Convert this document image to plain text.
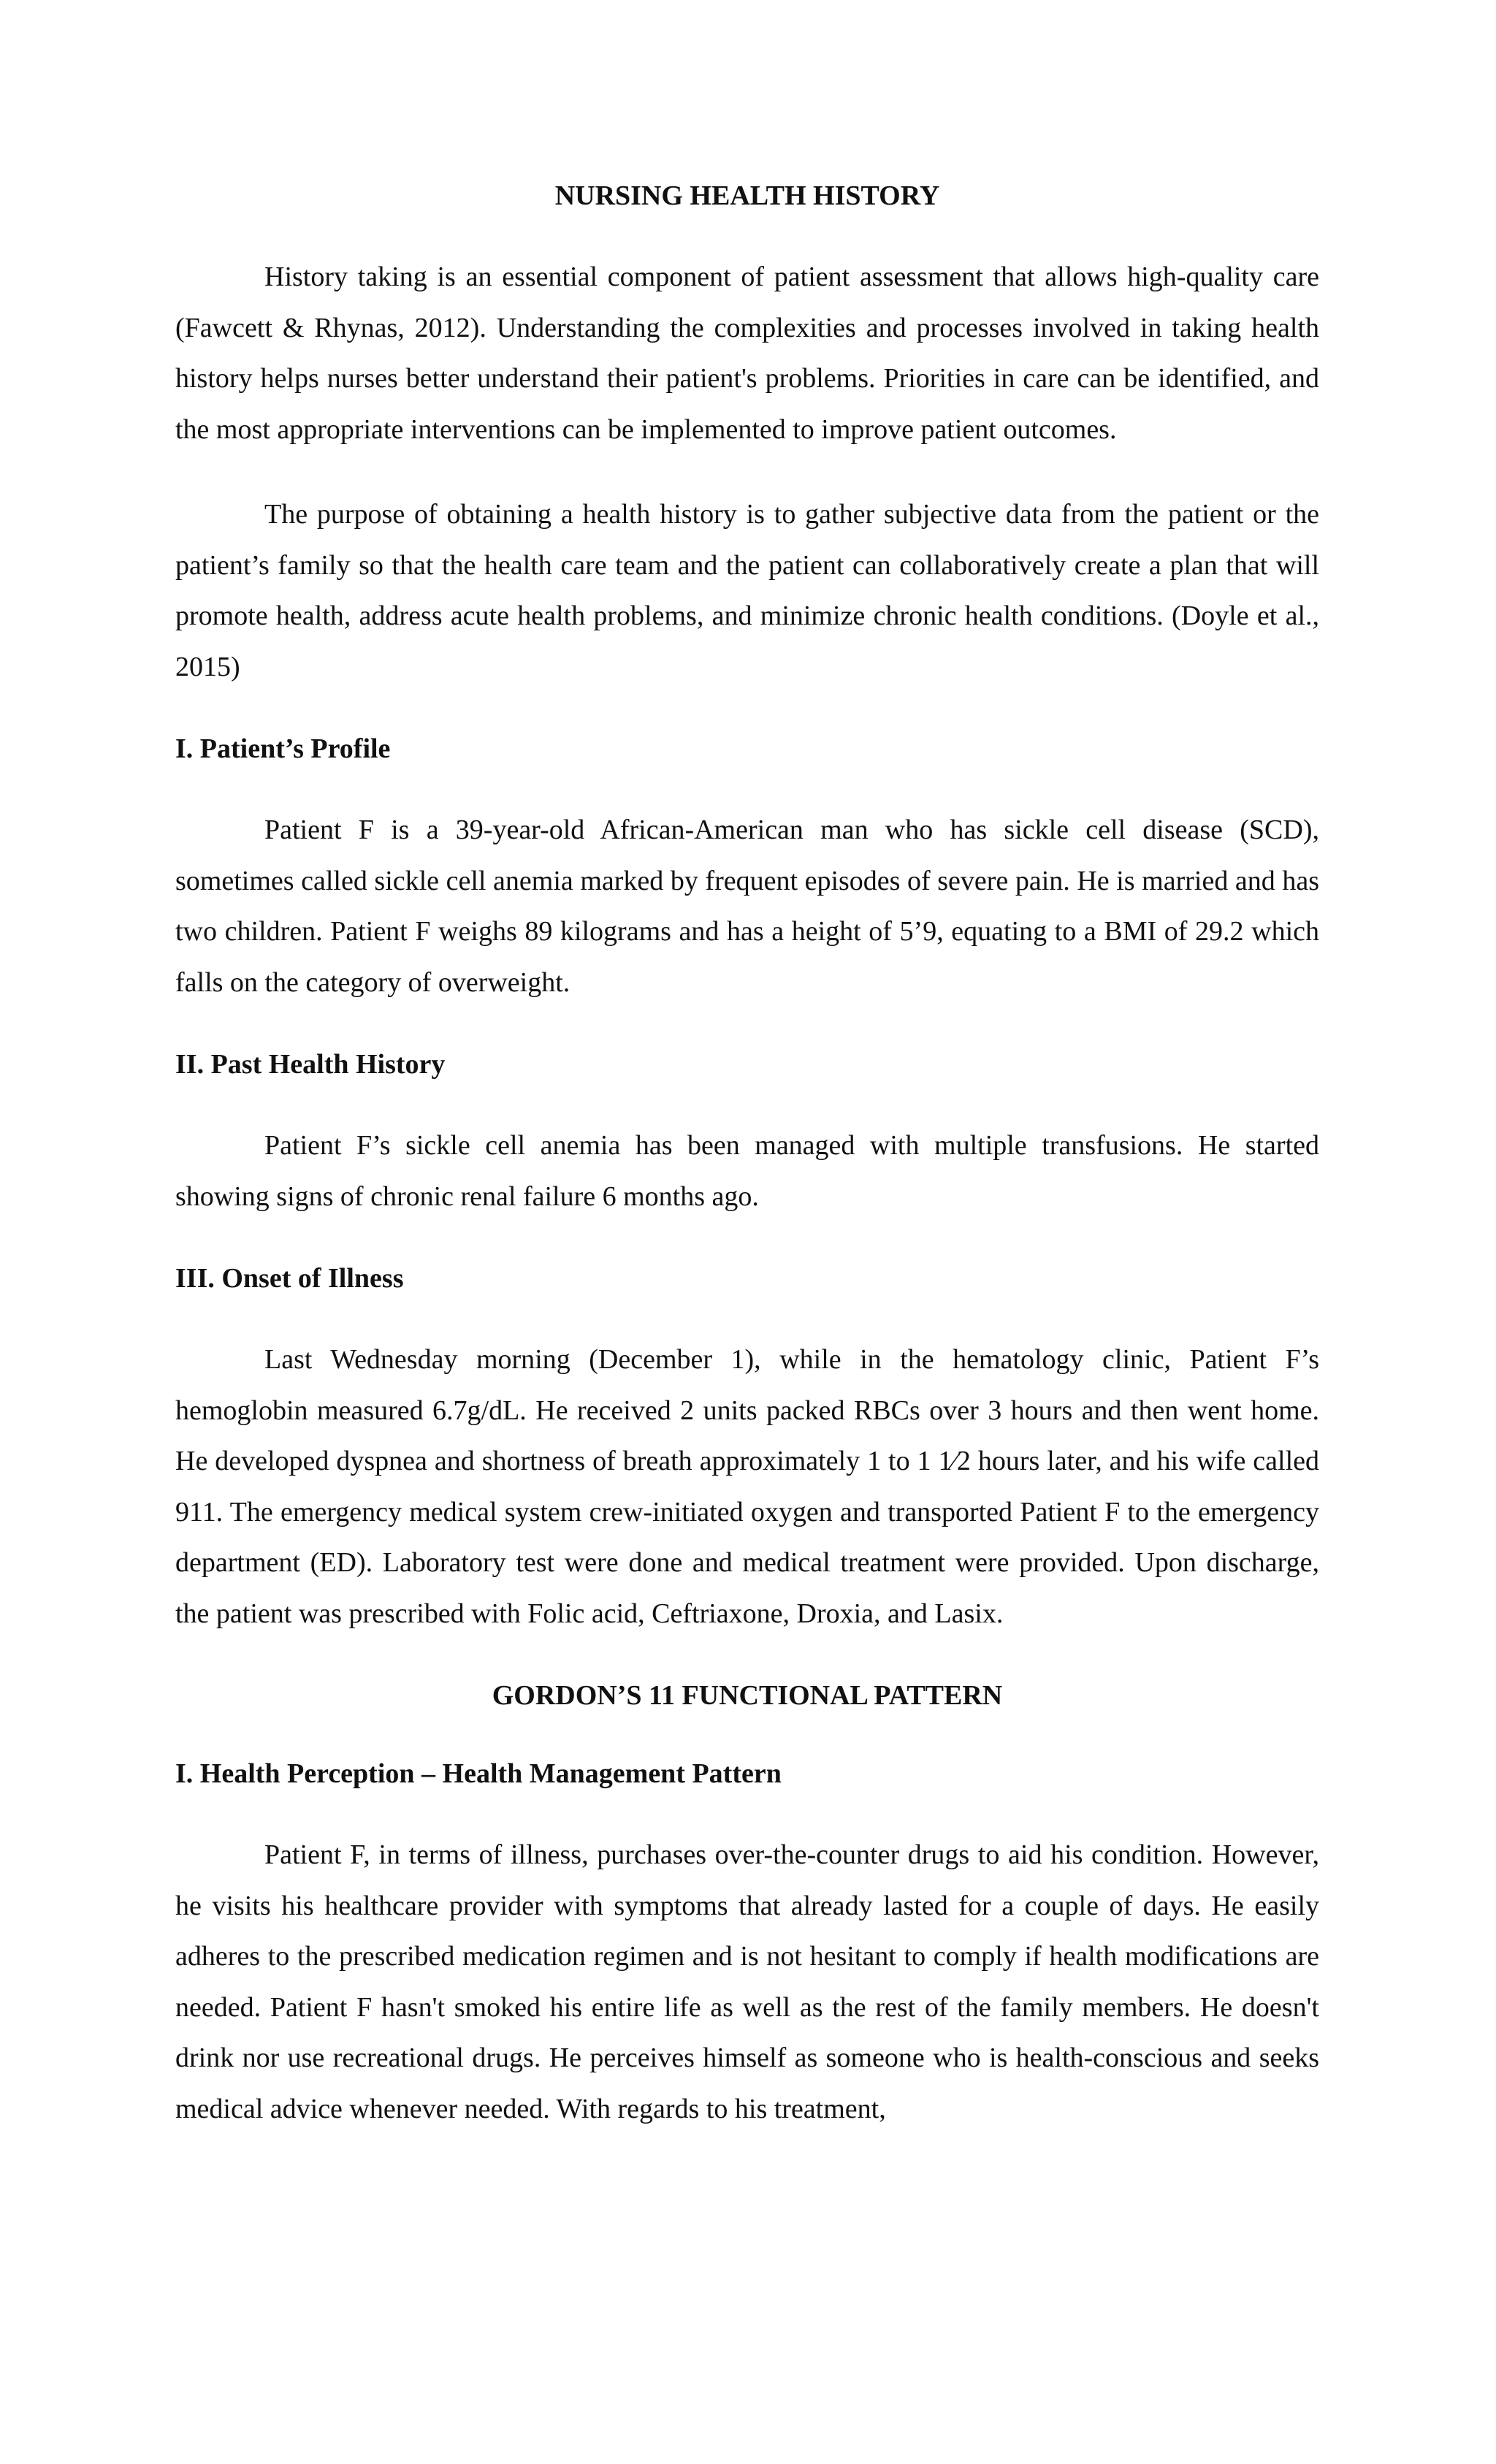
NURSING HEALTH HISTORY

History taking is an essential component of patient assessment that allows high-quality care (Fawcett & Rhynas, 2012). Understanding the complexities and processes involved in taking health history helps nurses better understand their patient's problems. Priorities in care can be identified, and the most appropriate interventions can be implemented to improve patient outcomes.

The purpose of obtaining a health history is to gather subjective data from the patient or the patient’s family so that the health care team and the patient can collaboratively create a plan that will promote health, address acute health problems, and minimize chronic health conditions. (Doyle et al., 2015)

I. Patient’s Profile

Patient F is a 39-year-old African-American man who has sickle cell disease (SCD), sometimes called sickle cell anemia marked by frequent episodes of severe pain. He is married and has two children. Patient F weighs 89 kilograms and has a height of 5’9, equating to a BMI of 29.2 which falls on the category of overweight.

II. Past Health History

Patient F’s sickle cell anemia has been managed with multiple transfusions. He started showing signs of chronic renal failure 6 months ago.

III. Onset of Illness

Last Wednesday morning (December 1), while in the hematology clinic, Patient F’s hemoglobin measured 6.7g/dL. He received 2 units packed RBCs over 3 hours and then went home. He developed dyspnea and shortness of breath approximately 1 to 1 1⁄2 hours later, and his wife called 911. The emergency medical system crew-initiated oxygen and transported Patient F to the emergency department (ED). Laboratory test were done and medical treatment were provided. Upon discharge, the patient was prescribed with Folic acid, Ceftriaxone, Droxia, and Lasix.

GORDON’S 11 FUNCTIONAL PATTERN
I. Health Perception – Health Management Pattern

Patient F, in terms of illness, purchases over-the-counter drugs to aid his condition. However, he visits his healthcare provider with symptoms that already lasted for a couple of days. He easily adheres to the prescribed medication regimen and is not hesitant to comply if health modifications are needed. Patient F hasn't smoked his entire life as well as the rest of the family members. He doesn't drink nor use recreational drugs. He perceives himself as someone who is health-conscious and seeks medical advice whenever needed. With regards to his treatment,
